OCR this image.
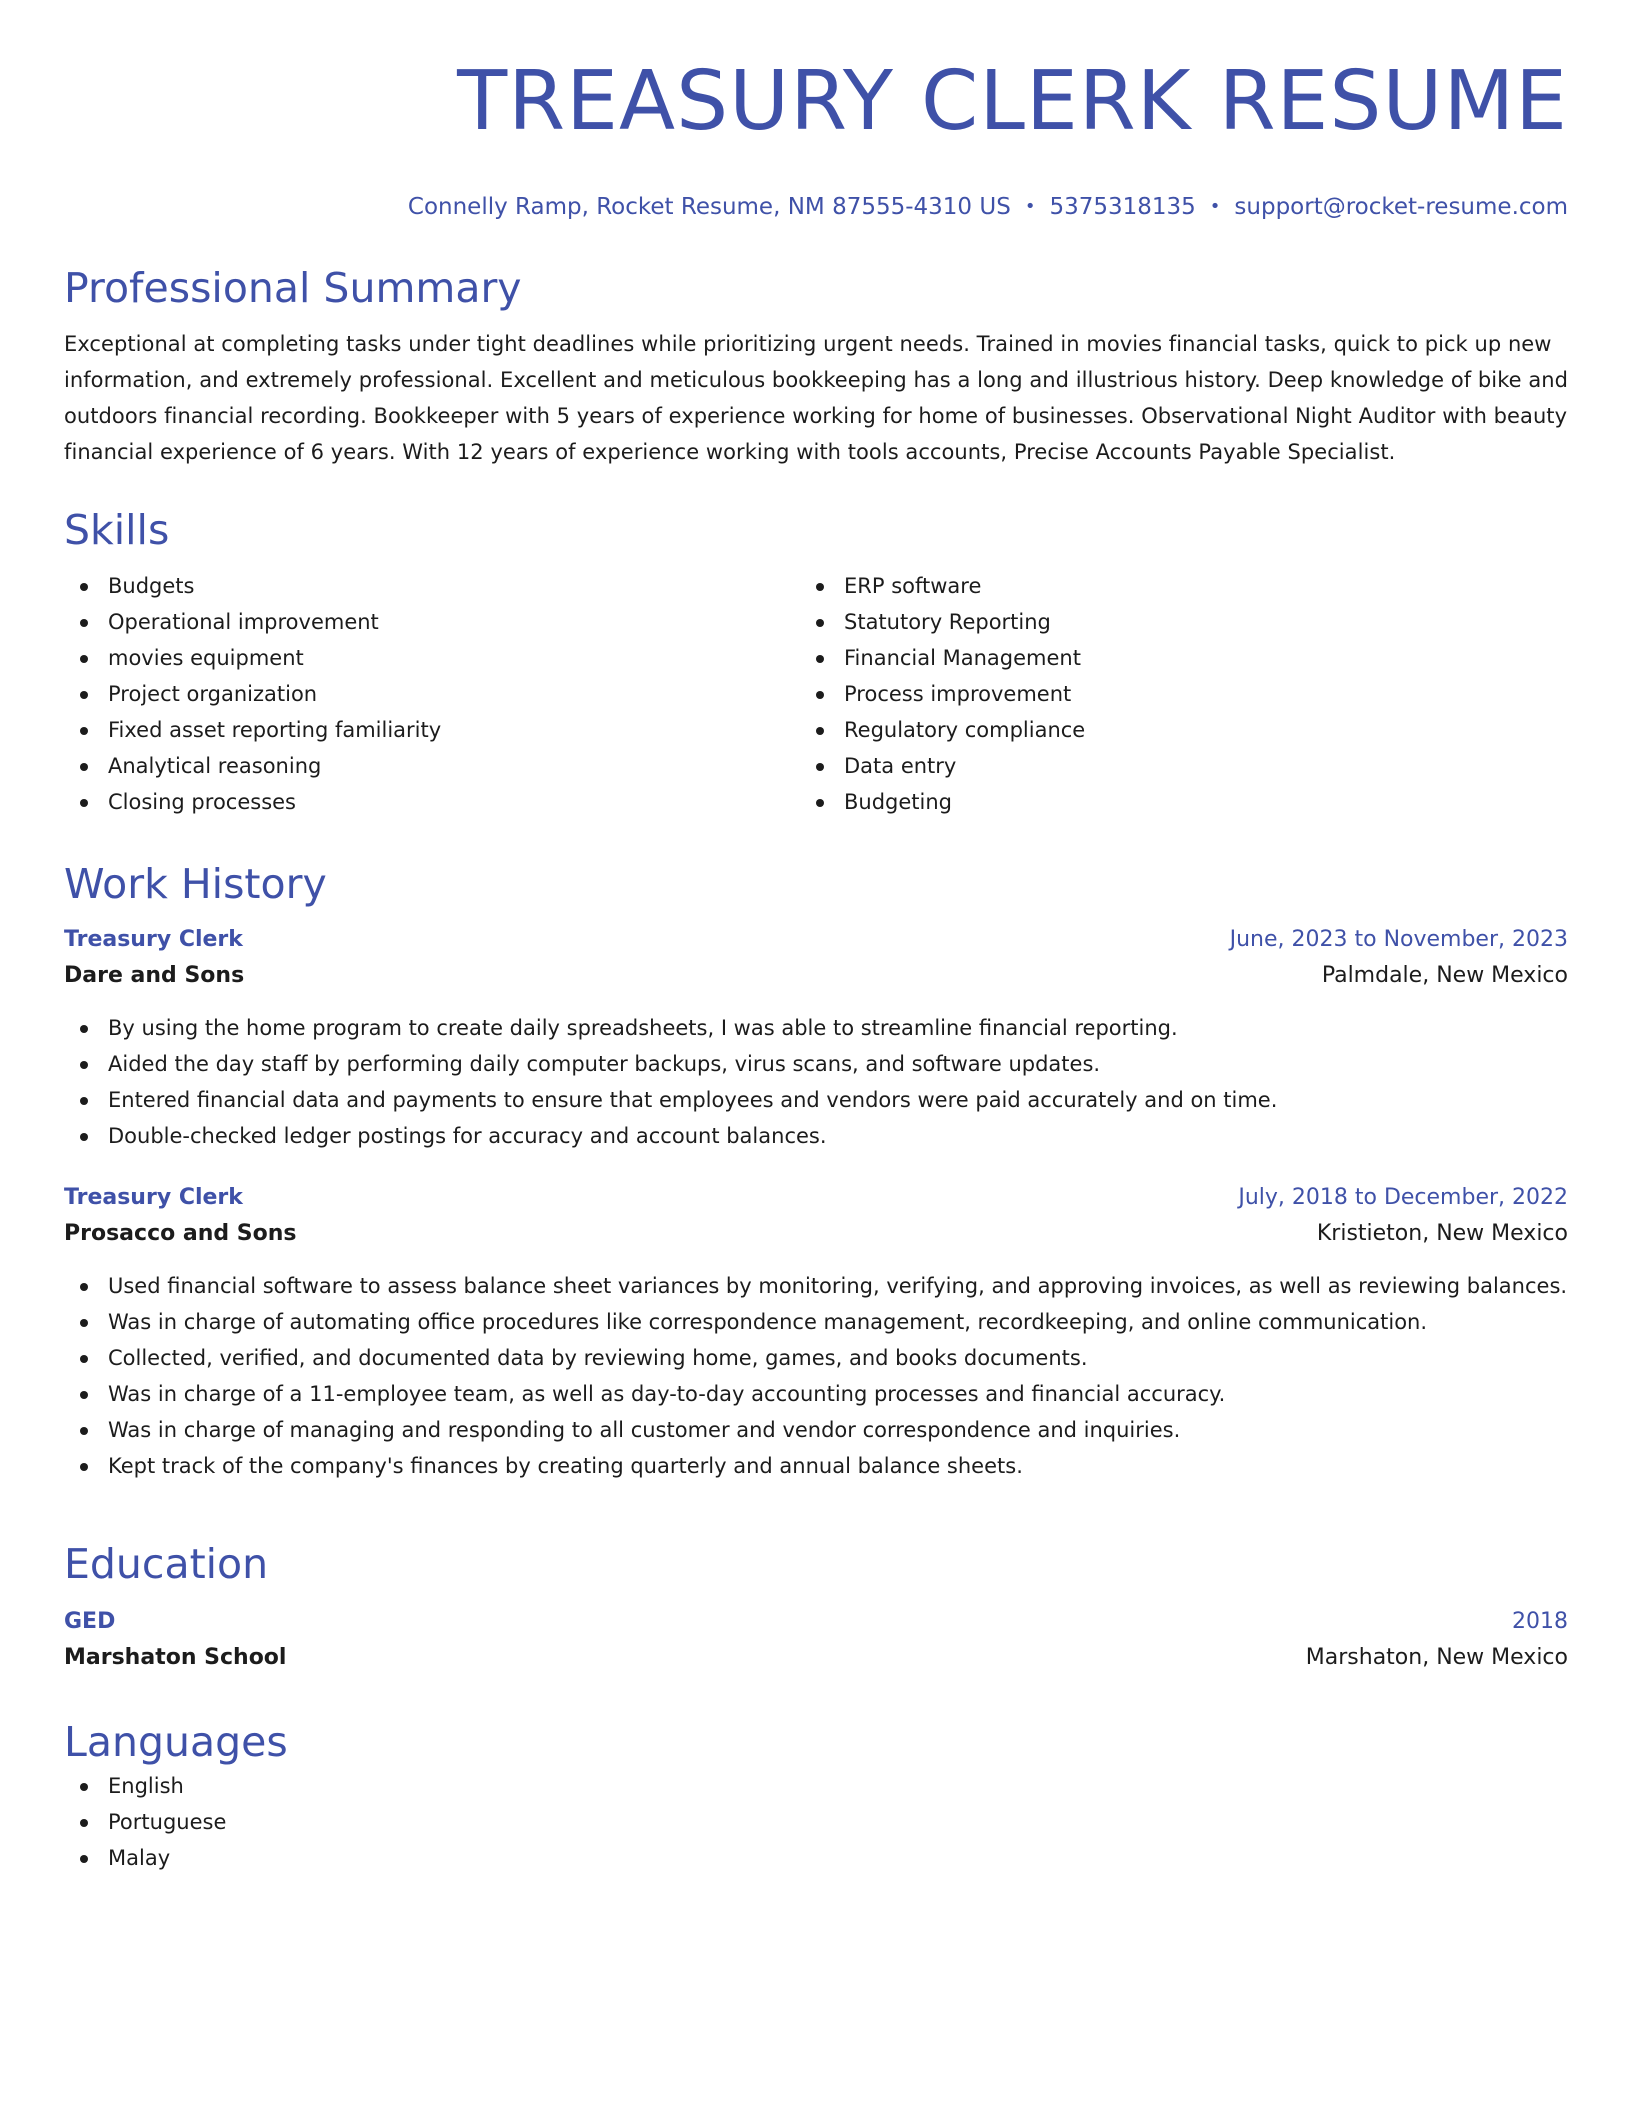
TREASURY CLERK RESUME
Connelly Ramp, Rocket Resume, NM 87555-4310 US • 5375318135 • support@rocket-resume.com
Professional Summary

Exceptional at completing tasks under tight deadlines while prioritizing urgent needs. Trained in movies financial tasks, quick to pick up new information, and extremely professional. Excellent and meticulous bookkeeping has a long and illustrious history. Deep knowledge of bike and outdoors financial recording. Bookkeeper with 5 years of experience working for home of businesses. Observational Night Auditor with beauty financial experience of 6 years. With 12 years of experience working with tools accounts, Precise Accounts Payable Specialist.

Skills
Budgets
Operational improvement
movies equipment
Project organization
Fixed asset reporting familiarity
Analytical reasoning
Closing processes
ERP software
Statutory Reporting
Financial Management
Process improvement
Regulatory compliance
Data entry
Budgeting
Work History
Treasury Clerk	June, 2023 to November, 2023
Dare and Sons	Palmdale, New Mexico
By using the home program to create daily spreadsheets, I was able to streamline financial reporting.
Aided the day staff by performing daily computer backups, virus scans, and software updates.
Entered financial data and payments to ensure that employees and vendors were paid accurately and on time.
Double-checked ledger postings for accuracy and account balances.
Treasury Clerk	July, 2018 to December, 2022
Prosacco and Sons	Kristieton, New Mexico
Used financial software to assess balance sheet variances by monitoring, verifying, and approving invoices, as well as reviewing balances.
Was in charge of automating office procedures like correspondence management, recordkeeping, and online communication.
Collected, verified, and documented data by reviewing home, games, and books documents.
Was in charge of a 11-employee team, as well as day-to-day accounting processes and financial accuracy.
Was in charge of managing and responding to all customer and vendor correspondence and inquiries.
Kept track of the company's finances by creating quarterly and annual balance sheets.
Education
GED	2018
Marshaton School	Marshaton, New Mexico
Languages
English
Portuguese
Malay
